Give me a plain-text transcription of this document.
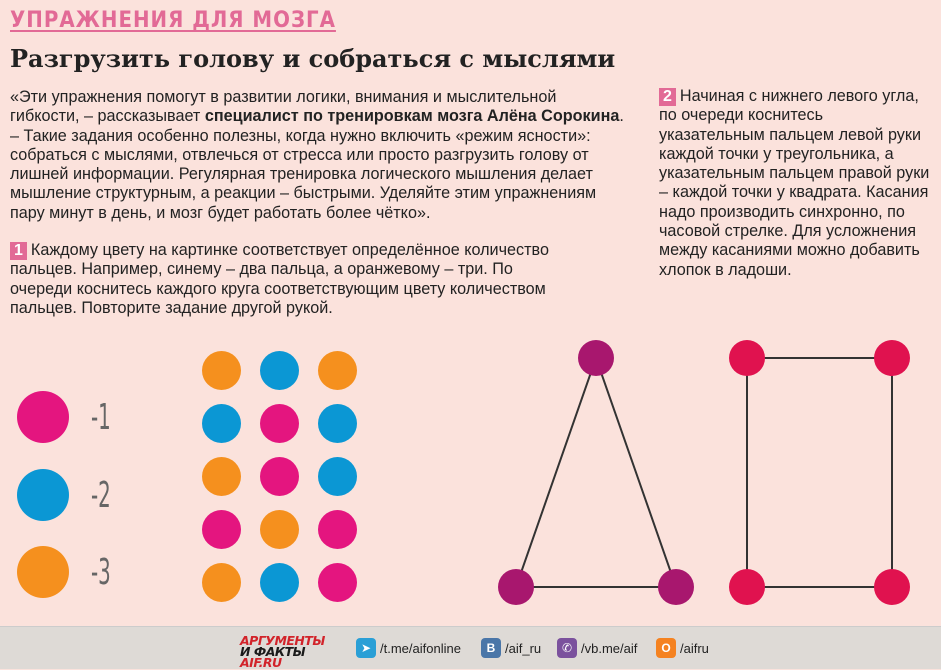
УПРАЖНЕНИЯ ДЛЯ МОЗГА
Разгрузить голову и собраться с мыслями
«Эти упражнения помогут в развитии логики, внимания и мыслительной гибкости, – рассказывает специалист по тренировкам мозга Алёна Сорокина. – Такие задания особенно полезны, когда нужно включить «режим ясности»: собраться с мыслями, отвлечься от стресса или просто разгрузить голову от лишней информации. Регулярная тренировка логического мышления делает мышление структурным, а реакции – быстрыми. Уделяйте этим упражнениям пару минут в день, и мозг будет работать более чётко».
1 Каждому цвету на картинке соответствует определённое количество пальцев. Например, синему – два пальца, а оранжевому – три. По очереди коснитесь каждого круга соответствующим цвету количеством пальцев. Повторите задание другой рукой.
2 Начиная с нижнего левого угла, по очереди коснитесь указательным пальцем левой руки каждой точки у треугольника, а указательным пальцем правой руки – каждой точки у квадрата. Касания надо производить синхронно, по часовой стрелке. Для усложнения между касаниями можно добавить хлопок в ладоши.
-1
-2
-3
АРГУМЕНТЫ
И ФАКТЫ AIF.RU
➤ /t.me/aifonline	В /aif_ru	✆ /vb.me/aif	О /aifru
